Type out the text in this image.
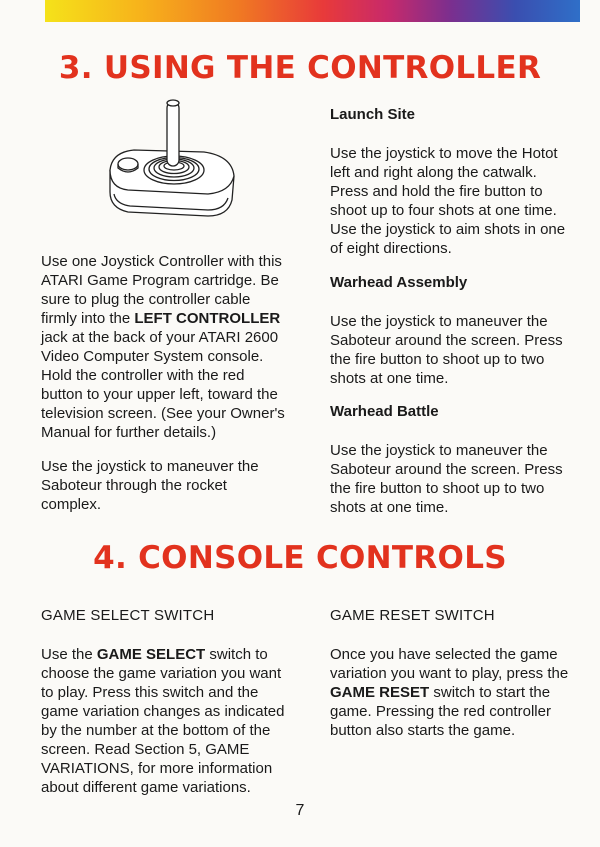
3. USING THE CONTROLLER

Use one Joystick Controller with this
ATARI Game Program cartridge. Be
sure to plug the controller cable
firmly into the LEFT CONTROLLER
jack at the back of your ATARI 2600
Video Computer System console.
Hold the controller with the red
button to your upper left, toward the
television screen. (See your Owner's
Manual for further details.)

Use the joystick to maneuver the
Saboteur through the rocket
complex.

Launch Site

Use the joystick to move the Hotot
left and right along the catwalk.
Press and hold the fire button to
shoot up to four shots at one time.
Use the joystick to aim shots in one
of eight directions.

Warhead Assembly

Use the joystick to maneuver the
Saboteur around the screen. Press
the fire button to shoot up to two
shots at one time.

Warhead Battle

Use the joystick to maneuver the
Saboteur around the screen. Press
the fire button to shoot up to two
shots at one time.

4. CONSOLE CONTROLS

GAME SELECT SWITCH

Use the GAME SELECT switch to
choose the game variation you want
to play. Press this switch and the
game variation changes as indicated
by the number at the bottom of the
screen. Read Section 5, GAME
VARIATIONS, for more information
about different game variations.

GAME RESET SWITCH

Once you have selected the game
variation you want to play, press the
GAME RESET switch to start the
game. Pressing the red controller
button also starts the game.

7
